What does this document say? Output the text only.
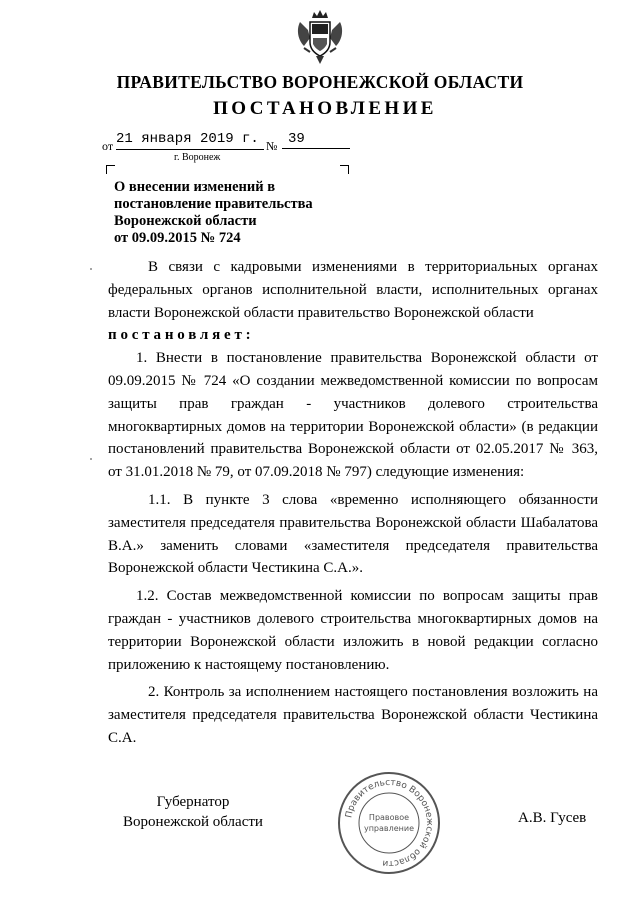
ПРАВИТЕЛЬСТВО ВОРОНЕЖСКОЙ ОБЛАСТИ
ПОСТАНОВЛЕНИЕ
от 21 января 2019 г. № 39
г. Воронеж
О внесении изменений в
постановление правительства
Воронежской области
от 09.09.2015 № 724

В связи с кадровыми изменениями в территориальных органах федеральных органов исполнительной власти, исполнительных органах власти Воронежской области правительство Воронежской области

постановляет:

1. Внести в постановление правительства Воронежской области от 09.09.2015 № 724 «О создании межведомственной комиссии по вопросам защиты прав граждан - участников долевого строительства многоквартирных домов на территории Воронежской области» (в редакции постановлений правительства Воронежской области от 02.05.2017 № 363, от 31.01.2018 № 79, от 07.09.2018 № 797) следующие изменения:

1.1. В пункте 3 слова «временно исполняющего обязанности заместителя председателя правительства Воронежской области Шабалатова В.А.» заменить словами «заместителя председателя правительства Воронежской области Честикина С.А.».

1.2. Состав межведомственной комиссии по вопросам защиты прав граждан - участников долевого строительства многоквартирных домов на территории Воронежской области изложить в новой редакции согласно приложению к настоящему постановлению.

2. Контроль за исполнением настоящего постановления возложить на заместителя председателя правительства Воронежской области Честикина С.А.

Губернатор
Воронежской области	А.В. Гусев
Правительство Воронежской области
Правовое
управление
